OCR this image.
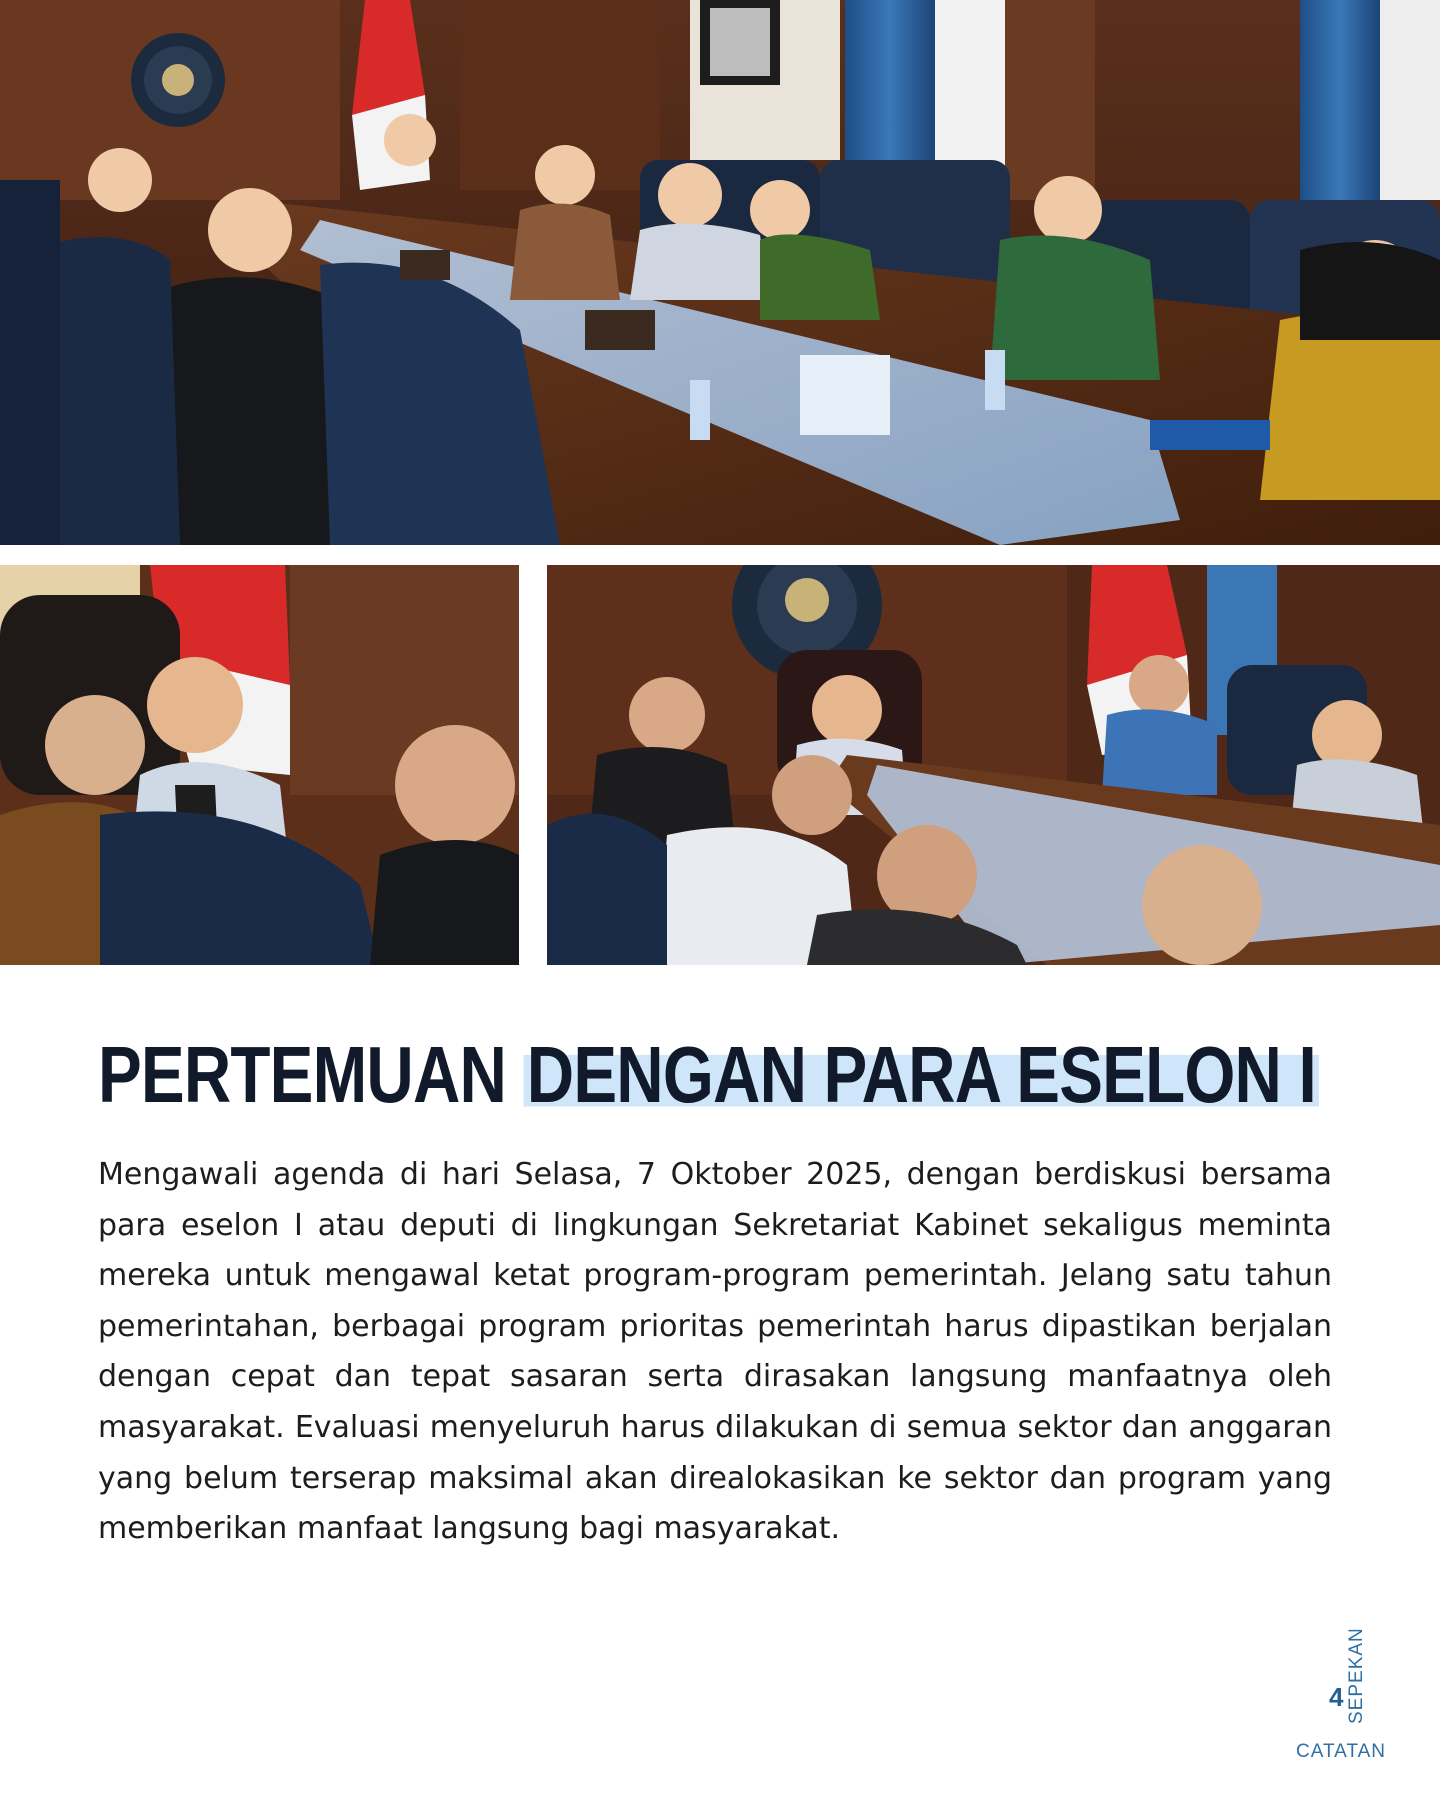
PERTEMUAN DENGAN PARA ESELON I

Mengawali agenda di hari Selasa, 7 Oktober 2025, dengan berdiskusi bersama para eselon I atau deputi di lingkungan Sekretariat Kabinet sekaligus meminta mereka untuk mengawal ketat program-program pemerintah. Jelang satu tahun pemerintahan, berbagai program prioritas pemerintah harus dipastikan berjalan dengan cepat dan tepat sasaran serta dirasakan langsung manfaatnya oleh masyarakat. Evaluasi menyeluruh harus dilakukan di semua sektor dan anggaran yang belum terserap maksimal akan direalokasikan ke sektor dan program yang memberikan manfaat langsung bagi masyarakat.

4
CATATAN
SEPEKAN
